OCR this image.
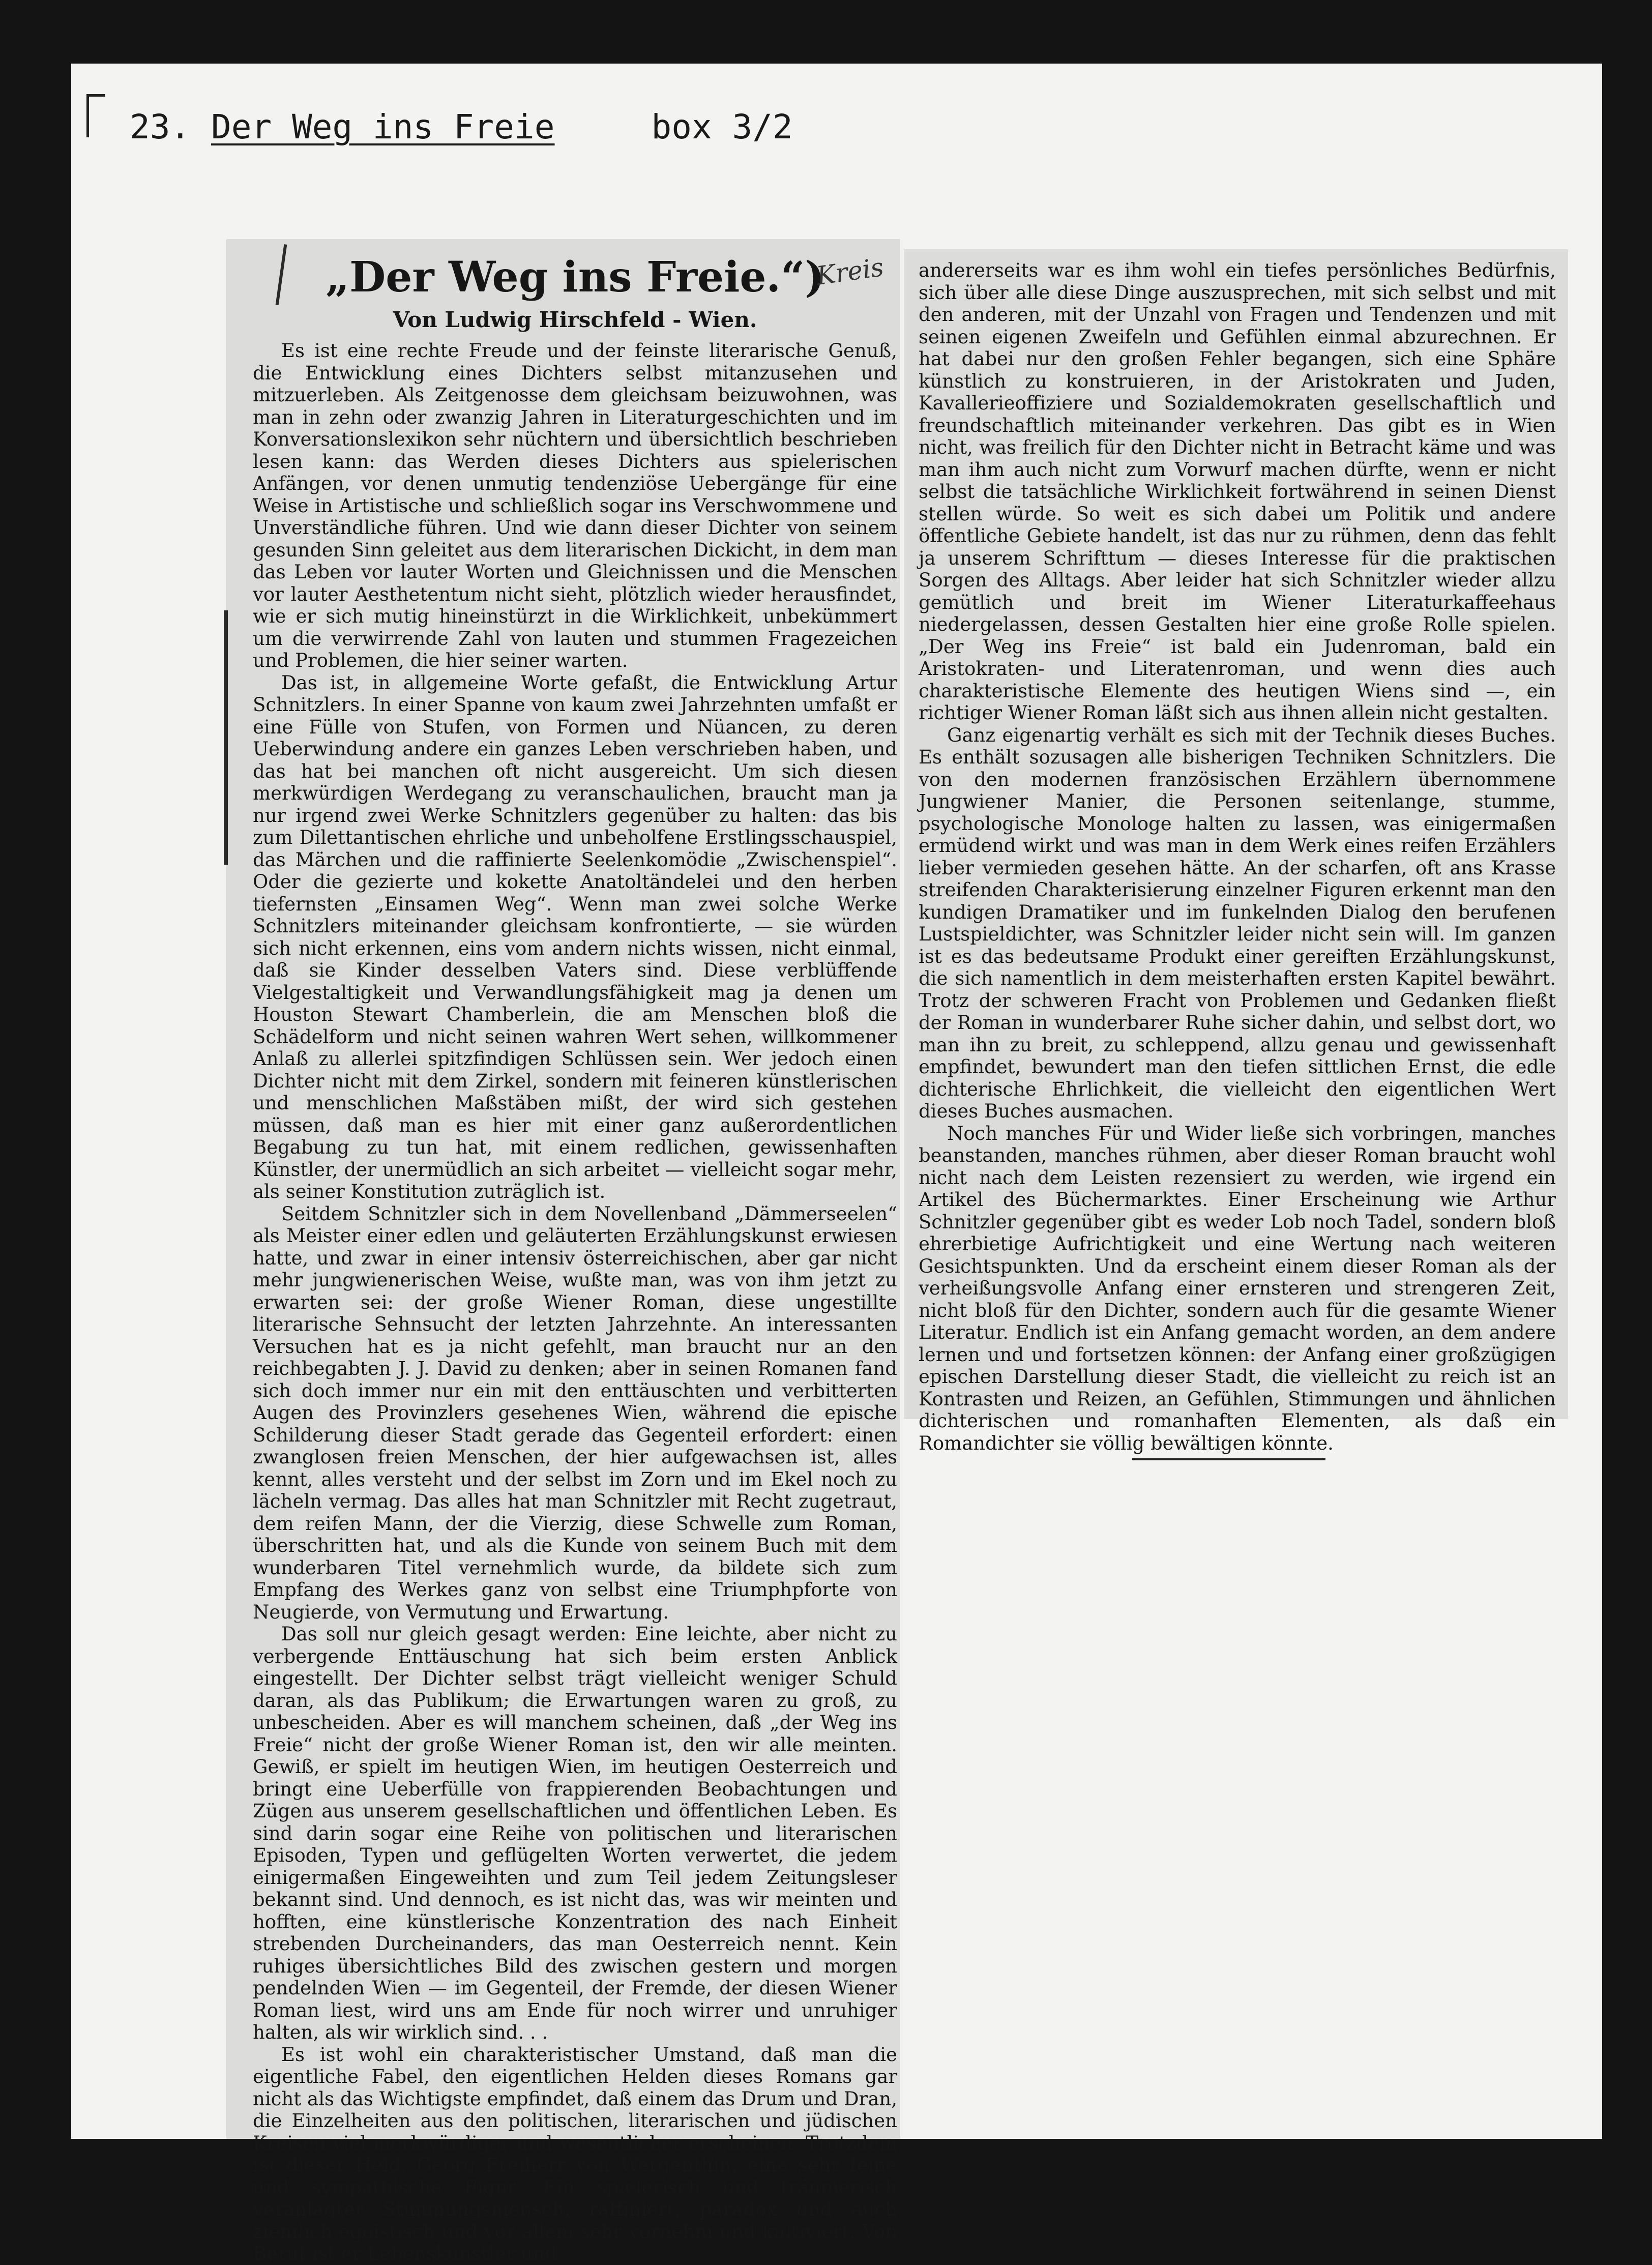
23. Der Weg ins Freie	box 3/2
„Der Weg ins Freie.“)
Von Ludwig Hirschfeld - Wien.

Es ist eine rechte Freude und der feinste literarische Genuß, die Entwicklung eines Dichters selbst mitanzusehen und mitzuerleben. Als Zeitgenosse dem gleichsam beizuwohnen, was man in zehn oder zwanzig Jahren in Literaturgeschichten und im Konversationslexikon sehr nüchtern und übersichtlich beschrieben lesen kann: das Werden dieses Dichters aus spielerischen Anfängen, vor denen unmutig tendenziöse Uebergänge für eine Weise in Artistische und schließlich sogar ins Verschwommene und Unverständliche führen. Und wie dann dieser Dichter von seinem gesunden Sinn geleitet aus dem literarischen Dickicht, in dem man das Leben vor lauter Worten und Gleichnissen und die Menschen vor lauter Aesthetentum nicht sieht, plötzlich wieder herausfindet, wie er sich mutig hineinstürzt in die Wirklichkeit, unbekümmert um die verwirrende Zahl von lauten und stummen Fragezeichen und Problemen, die hier seiner warten.

Das ist, in allgemeine Worte gefaßt, die Entwicklung Artur Schnitzlers. In einer Spanne von kaum zwei Jahrzehnten umfaßt er eine Fülle von Stufen, von Formen und Nüancen, zu deren Ueberwindung andere ein ganzes Leben verschrieben haben, und das hat bei manchen oft nicht ausgereicht. Um sich diesen merkwürdigen Werdegang zu veranschaulichen, braucht man ja nur irgend zwei Werke Schnitzlers gegenüber zu halten: das bis zum Dilettantischen ehrliche und unbeholfene Erstlingsschauspiel, das Märchen und die raffinierte Seelenkomödie „Zwischenspiel“. Oder die gezierte und kokette Anatoltändelei und den herben tiefernsten „Einsamen Weg“. Wenn man zwei solche Werke Schnitzlers miteinander gleichsam konfrontierte, — sie würden sich nicht erkennen, eins vom andern nichts wissen, nicht einmal, daß sie Kinder desselben Vaters sind. Diese verblüffende Vielgestaltigkeit und Verwandlungsfähigkeit mag ja denen um Houston Stewart Chamberlein, die am Menschen bloß die Schädelform und nicht seinen wahren Wert sehen, willkommener Anlaß zu allerlei spitzfindigen Schlüssen sein. Wer jedoch einen Dichter nicht mit dem Zirkel, sondern mit feineren künstlerischen und menschlichen Maßstäben mißt, der wird sich gestehen müssen, daß man es hier mit einer ganz außerordentlichen Begabung zu tun hat, mit einem redlichen, gewissenhaften Künstler, der unermüdlich an sich arbeitet — vielleicht sogar mehr, als seiner Konstitution zuträglich ist.

Seitdem Schnitzler sich in dem Novellenband „Dämmerseelen“ als Meister einer edlen und geläuterten Erzählungskunst erwiesen hatte, und zwar in einer intensiv österreichischen, aber gar nicht mehr jungwienerischen Weise, wußte man, was von ihm jetzt zu erwarten sei: der große Wiener Roman, diese ungestillte literarische Sehnsucht der letzten Jahrzehnte. An interessanten Versuchen hat es ja nicht gefehlt, man braucht nur an den reichbegabten J. J. David zu denken; aber in seinen Romanen fand sich doch immer nur ein mit den enttäuschten und verbitterten Augen des Provinzlers gesehenes Wien, während die epische Schilderung dieser Stadt gerade das Gegenteil erfordert: einen zwanglosen freien Menschen, der hier aufgewachsen ist, alles kennt, alles versteht und der selbst im Zorn und im Ekel noch zu lächeln vermag. Das alles hat man Schnitzler mit Recht zugetraut, dem reifen Mann, der die Vierzig, diese Schwelle zum Roman, überschritten hat, und als die Kunde von seinem Buch mit dem wunderbaren Titel vernehmlich wurde, da bildete sich zum Empfang des Werkes ganz von selbst eine Triumphpforte von Neugierde, von Vermutung und Erwartung.

Das soll nur gleich gesagt werden: Eine leichte, aber nicht zu verbergende Enttäuschung hat sich beim ersten Anblick eingestellt. Der Dichter selbst trägt vielleicht weniger Schuld daran, als das Publikum; die Erwartungen waren zu groß, zu unbescheiden. Aber es will manchem scheinen, daß „der Weg ins Freie“ nicht der große Wiener Roman ist, den wir alle meinten. Gewiß, er spielt im heutigen Wien, im heutigen Oesterreich und bringt eine Ueberfülle von frappierenden Beobachtungen und Zügen aus unserem gesellschaftlichen und öffentlichen Leben. Es sind darin sogar eine Reihe von politischen und literarischen Episoden, Typen und geflügelten Worten verwertet, die jedem einigermaßen Eingeweihten und zum Teil jedem Zeitungsleser bekannt sind. Und dennoch, es ist nicht das, was wir meinten und hofften, eine künstlerische Konzentration des nach Einheit strebenden Durcheinanders, das man Oesterreich nennt. Kein ruhiges übersichtliches Bild des zwischen gestern und morgen pendelnden Wien — im Gegenteil, der Fremde, der diesen Wiener Roman liest, wird uns am Ende für noch wirrer und unruhiger halten, als wir wirklich sind. . .

Es ist wohl ein charakteristischer Umstand, daß man die eigentliche Fabel, den eigentlichen Helden dieses Romans gar nicht als das Wichtigste empfindet, daß einem das Drum und Dran, die Einzelheiten aus den politischen, literarischen und jüdischen Kreisen viel merkwürdiger und wesentlicher erscheinen. Trotzdem ist dieser Held, Georg Freiherr von Wergenthin, eine sehr feine und sympathische Figur. Ein spielerisch und träumerisch veranlagter Stimmungsmensch, raffiniert, paradox und auch ziemlich egoistisch und vor allem sehr vornehm und kultiviert. Von Beruf ist er Lebenskünstler und

Kreis andererseits war es ihm wohl ein tiefes persönliches Bedürfnis, sich über alle diese Dinge auszusprechen, mit sich selbst und mit den anderen, mit der Unzahl von Fragen und Tendenzen und mit seinen eigenen Zweifeln und Gefühlen einmal abzurechnen. Er hat dabei nur den großen Fehler begangen, sich eine Sphäre künstlich zu konstruieren, in der Aristokraten und Juden, Kavallerieoffiziere und Sozialdemokraten gesellschaftlich und freundschaftlich miteinander verkehren. Das gibt es in Wien nicht, was freilich für den Dichter nicht in Betracht käme und was man ihm auch nicht zum Vorwurf machen dürfte, wenn er nicht selbst die tatsächliche Wirklichkeit fortwährend in seinen Dienst stellen würde. So weit es sich dabei um Politik und andere öffentliche Gebiete handelt, ist das nur zu rühmen, denn das fehlt ja unserem Schrifttum — dieses Interesse für die praktischen Sorgen des Alltags. Aber leider hat sich Schnitzler wieder allzu gemütlich und breit im Wiener Literaturkaffeehaus niedergelassen, dessen Gestalten hier eine große Rolle spielen. „Der Weg ins Freie“ ist bald ein Judenroman, bald ein Aristokraten- und Literatenroman, und wenn dies auch charakteristische Elemente des heutigen Wiens sind —, ein richtiger Wiener Roman läßt sich aus ihnen allein nicht gestalten.

Ganz eigenartig verhält es sich mit der Technik dieses Buches. Es enthält sozusagen alle bisherigen Techniken Schnitzlers. Die von den modernen französischen Erzählern übernommene Jungwiener Manier, die Personen seitenlange, stumme, psychologische Monologe halten zu lassen, was einigermaßen ermüdend wirkt und was man in dem Werk eines reifen Erzählers lieber vermieden gesehen hätte. An der scharfen, oft ans Krasse streifenden Charakterisierung einzelner Figuren erkennt man den kundigen Dramatiker und im funkelnden Dialog den berufenen Lustspieldichter, was Schnitzler leider nicht sein will. Im ganzen ist es das bedeutsame Produkt einer gereiften Erzählungskunst, die sich namentlich in dem meisterhaften ersten Kapitel bewährt. Trotz der schweren Fracht von Problemen und Gedanken fließt der Roman in wunderbarer Ruhe sicher dahin, und selbst dort, wo man ihn zu breit, zu schleppend, allzu genau und gewissenhaft empfindet, bewundert man den tiefen sittlichen Ernst, die edle dichterische Ehrlichkeit, die vielleicht den eigentlichen Wert dieses Buches ausmachen.

Noch manches Für und Wider ließe sich vorbringen, manches beanstanden, manches rühmen, aber dieser Roman braucht wohl nicht nach dem Leisten rezensiert zu werden, wie irgend ein Artikel des Büchermarktes. Einer Erscheinung wie Arthur Schnitzler gegenüber gibt es weder Lob noch Tadel, sondern bloß ehrerbietige Aufrichtigkeit und eine Wertung nach weiteren Gesichtspunkten. Und da erscheint einem dieser Roman als der verheißungsvolle Anfang einer ernsteren und strengeren Zeit, nicht bloß für den Dichter, sondern auch für die gesamte Wiener Literatur. Endlich ist ein Anfang gemacht worden, an dem andere lernen und und fortsetzen können: der Anfang einer großzügigen epischen Darstellung dieser Stadt, die vielleicht zu reich ist an Kontrasten und Reizen, an Gefühlen, Stimmungen und ähnlichen dichterischen und romanhaften Elementen, als daß ein Romandichter sie völlig bewältigen könnte.
